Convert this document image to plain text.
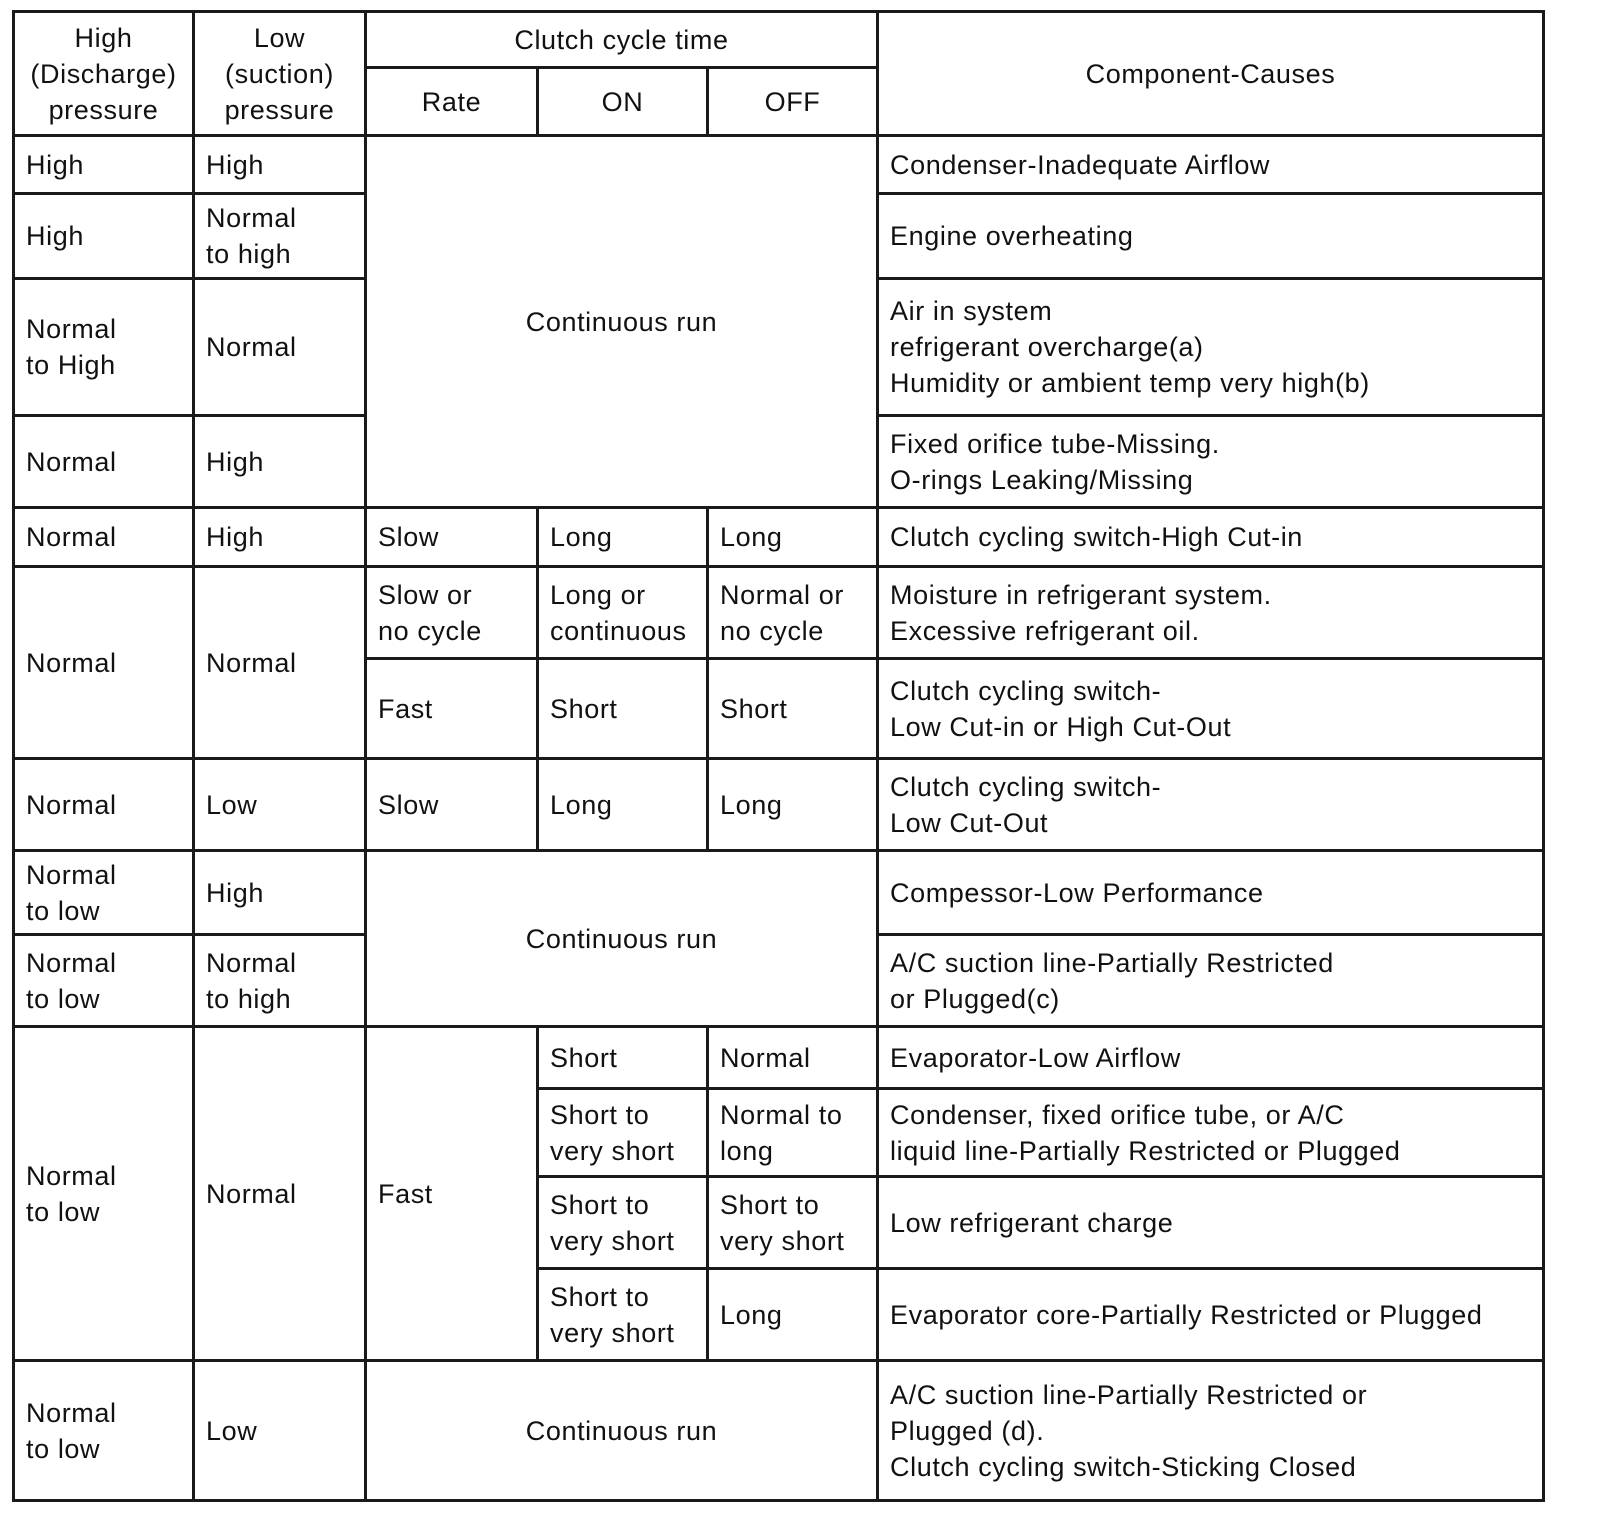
High
(Discharge)
pressure	Low
(suction)
pressure	Clutch cycle time			Component-Causes
		Rate	ON	OFF	

High	High	Continuous run			Condenser-Inadequate Airflow

High	Normal
to high				Engine overheating

Normal
to High	Normal				Air in system
refrigerant overcharge(a)
Humidity or ambient temp very high(b)

Normal	High				Fixed orifice tube-Missing.
O-rings Leaking/Missing

Normal	High	Slow	Long	Long	Clutch cycling switch-High Cut-in

Normal	Normal	Slow or
no cycle	Long or
continuous	Normal or
no cycle	Moisture in refrigerant system.
Excessive refrigerant oil.

		Fast	Short	Short	Clutch cycling switch-
Low Cut-in or High Cut-Out

Normal	Low	Slow	Long	Long	Clutch cycling switch-
Low Cut-Out

Normal
to low	High	Continuous run			Compessor-Low Performance

Normal
to low	Normal
to high				A/C suction line-Partially Restricted
or Plugged(c)

Normal
to low	Normal	Fast	Short	Normal	Evaporator-Low Airflow

			Short to
very short	Normal to
long	Condenser, fixed orifice tube, or A/C
liquid line-Partially Restricted or Plugged

			Short to
very short	Short to
very short	Low refrigerant charge

			Short to
very short	Long	Evaporator core-Partially Restricted or Plugged

Normal
to low	Low	Continuous run			A/C suction line-Partially Restricted or
Plugged (d).
Clutch cycling switch-Sticking Closed
